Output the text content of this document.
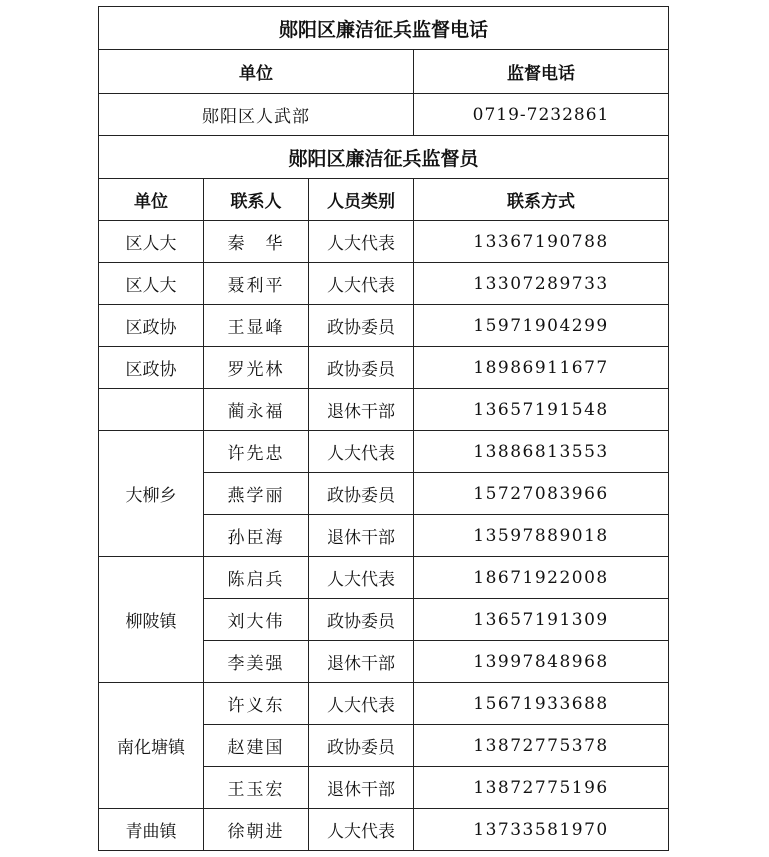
郧阳区廉洁征兵监督电话			
单位			监督电话
郧阳区人武部			0719-7232861
郧阳区廉洁征兵监督员			
单位	联系人	人员类别	联系方式
区人大	秦　华	人大代表	13367190788
区人大	聂利平	人大代表	13307289733
区政协	王显峰	政协委员	15971904299
区政协	罗光林	政协委员	18986911677
	蔺永福	退休干部	13657191548
大柳乡	许先忠	人大代表	13886813553
	燕学丽	政协委员	15727083966
	孙臣海	退休干部	13597889018
柳陂镇	陈启兵	人大代表	18671922008
	刘大伟	政协委员	13657191309
	李美强	退休干部	13997848968
南化塘镇	许义东	人大代表	15671933688
	赵建国	政协委员	13872775378
	王玉宏	退休干部	13872775196
青曲镇	徐朝进	人大代表	13733581970
